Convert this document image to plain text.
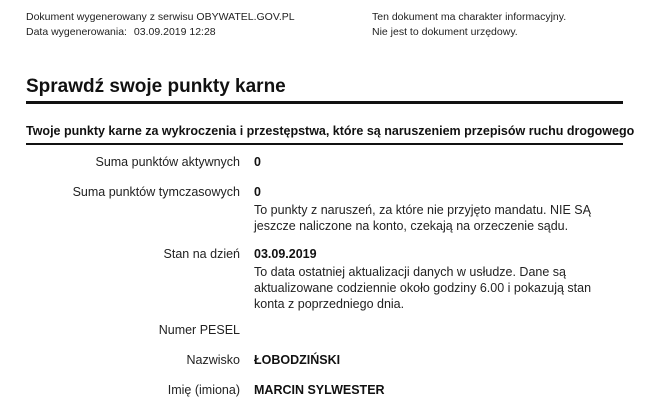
Dokument wygenerowany z serwisu OBYWATEL.GOV.PL
Data wygenerowania: 03.09.2019 12:28
Ten dokument ma charakter informacyjny.
Nie jest to dokument urzędowy.
Sprawdź swoje punkty karne
Twoje punkty karne za wykroczenia i przestępstwa, które są naruszeniem przepisów ruchu drogowego
Suma punktów aktywnych 0
Suma punktów tymczasowych 0
To punkty z naruszeń, za które nie przyjęto mandatu. NIE SĄ jeszcze naliczone na konto, czekają na orzeczenie sądu.
Stan na dzień 03.09.2019
To data ostatniej aktualizacji danych w usłudze. Dane są aktualizowane codziennie około godziny 6.00 i pokazują stan konta z poprzedniego dnia.
Numer PESEL
Nazwisko ŁOBODZIŃSKI
Imię (imiona) MARCIN SYLWESTER
